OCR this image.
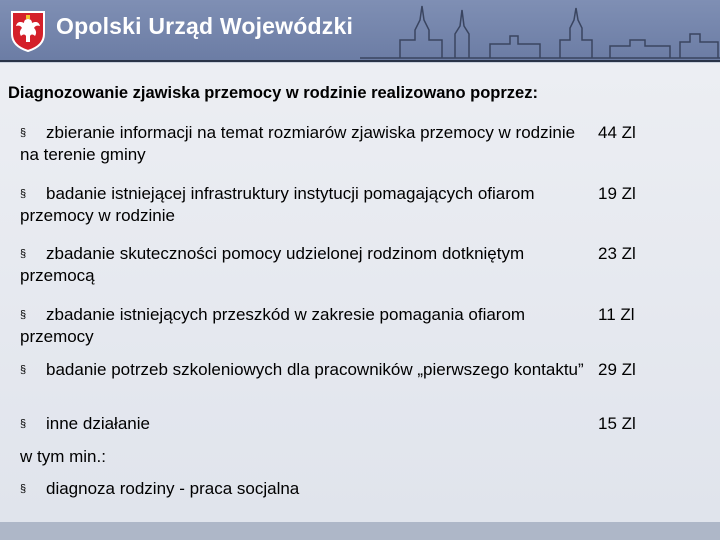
Opolski Urząd Wojewódzki
Diagnozowanie zjawiska przemocy w rodzinie realizowano poprzez:
§ zbieranie informacji na temat rozmiarów zjawiska przemocy w rodzinie na terenie gminy
44 Zl
§ badanie istniejącej infrastruktury instytucji pomagających ofiarom przemocy w rodzinie
19 Zl
§ zbadanie skuteczności pomocy udzielonej rodzinom dotkniętym przemocą
23 Zl
§ zbadanie istniejących przeszkód w zakresie pomagania ofiarom przemocy
11 Zl
§ badanie potrzeb szkoleniowych dla pracowników „pierwszego kontaktu” 29 Zl
§ inne działanie	15 Zl
w tym min.:
§ diagnoza rodziny - praca socjalna
